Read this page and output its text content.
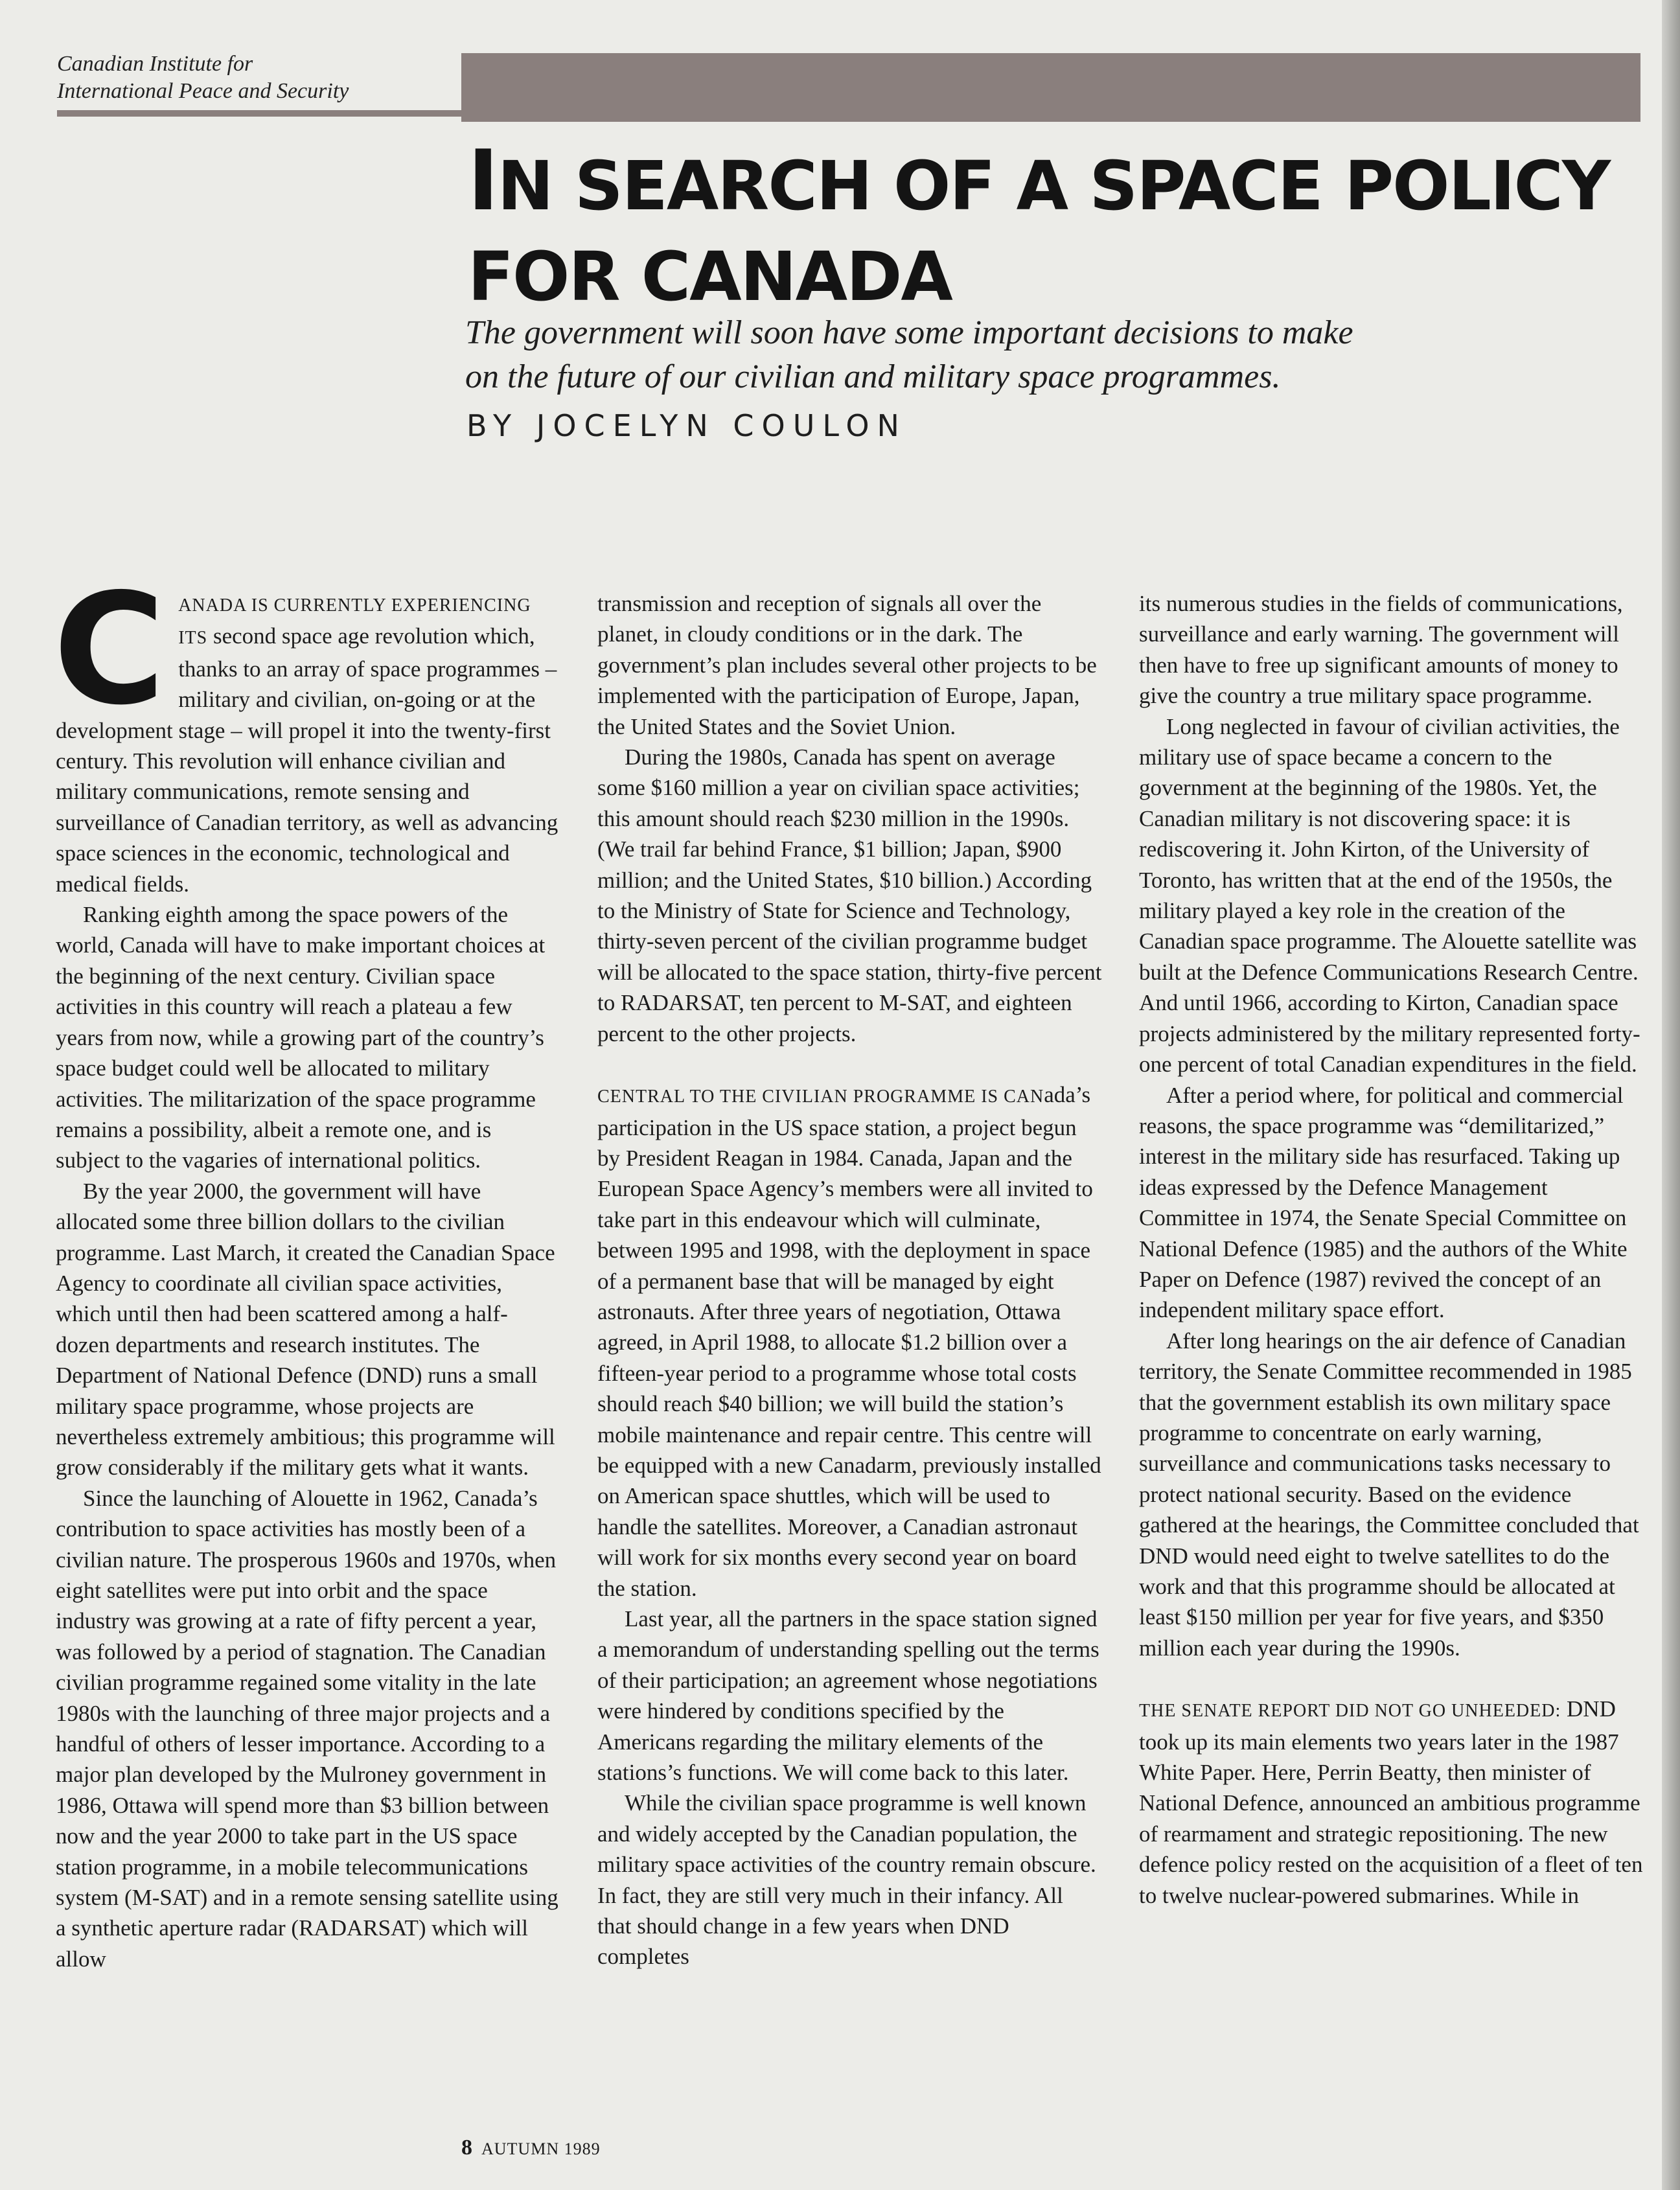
Canadian Institute for
International Peace and Security
IN SEARCH OF A SPACE POLICY
FOR CANADA
The government will soon have some important decisions to make
on the future of our civilian and military space programmes.
BY JOCELYN COULON

CANADA IS CURRENTLY EXPERIENCING ITS second space age revolution which, thanks to an array of space programmes – military and civilian, on-going or at the development stage – will propel it into the twenty-first century. This revolution will enhance civilian and military communications, remote sensing and surveillance of Canadian territory, as well as advancing space sciences in the economic, technological and medical fields.

Ranking eighth among the space powers of the world, Canada will have to make important choices at the beginning of the next century. Civilian space activities in this country will reach a plateau a few years from now, while a growing part of the country’s space budget could well be allocated to military activities. The militarization of the space programme remains a possibility, albeit a remote one, and is subject to the vagaries of international politics.

By the year 2000, the government will have allocated some three billion dollars to the civilian programme. Last March, it created the Canadian Space Agency to coordinate all civilian space activities, which until then had been scattered among a half-dozen departments and research institutes. The Department of National Defence (DND) runs a small military space programme, whose projects are nevertheless extremely ambitious; this programme will grow considerably if the military gets what it wants.

Since the launching of Alouette in 1962, Canada’s contribution to space activities has mostly been of a civilian nature. The prosperous 1960s and 1970s, when eight satellites were put into orbit and the space industry was growing at a rate of fifty percent a year, was followed by a period of stagnation. The Canadian civilian programme regained some vitality in the late 1980s with the launching of three major projects and a handful of others of lesser importance. According to a major plan developed by the Mulroney government in 1986, Ottawa will spend more than $3 billion between now and the year 2000 to take part in the US space station programme, in a mobile telecommunications system (M-SAT) and in a remote sensing satellite using a synthetic aperture radar (RADARSAT) which will allow

transmission and reception of signals all over the planet, in cloudy conditions or in the dark. The government’s plan includes several other projects to be implemented with the participation of Europe, Japan, the United States and the Soviet Union.

During the 1980s, Canada has spent on average some $160 million a year on civilian space activities; this amount should reach $230 million in the 1990s. (We trail far behind France, $1 billion; Japan, $900 million; and the United States, $10 billion.) According to the Ministry of State for Science and Technology, thirty-seven percent of the civilian programme budget will be allocated to the space station, thirty-five percent to RADARSAT, ten percent to M-SAT, and eighteen percent to the other projects.

CENTRAL TO THE CIVILIAN PROGRAMME IS CANada’s participation in the US space station, a project begun by President Reagan in 1984. Canada, Japan and the European Space Agency’s members were all invited to take part in this endeavour which will culminate, between 1995 and 1998, with the deployment in space of a permanent base that will be managed by eight astronauts. After three years of negotiation, Ottawa agreed, in April 1988, to allocate $1.2 billion over a fifteen-year period to a programme whose total costs should reach $40 billion; we will build the station’s mobile maintenance and repair centre. This centre will be equipped with a new Canadarm, previously installed on American space shuttles, which will be used to handle the satellites. Moreover, a Canadian astronaut will work for six months every second year on board the station.

Last year, all the partners in the space station signed a memorandum of understanding spelling out the terms of their participation; an agreement whose negotiations were hindered by conditions specified by the Americans regarding the military elements of the stations’s functions. We will come back to this later.

While the civilian space programme is well known and widely accepted by the Canadian population, the military space activities of the country remain obscure. In fact, they are still very much in their infancy. All that should change in a few years when DND completes

its numerous studies in the fields of communications, surveillance and early warning. The government will then have to free up significant amounts of money to give the country a true military space programme.

Long neglected in favour of civilian activities, the military use of space became a concern to the government at the beginning of the 1980s. Yet, the Canadian military is not discovering space: it is rediscovering it. John Kirton, of the University of Toronto, has written that at the end of the 1950s, the military played a key role in the creation of the Canadian space programme. The Alouette satellite was built at the Defence Communications Research Centre. And until 1966, according to Kirton, Canadian space projects administered by the military represented forty-one percent of total Canadian expenditures in the field.

After a period where, for political and commercial reasons, the space programme was “demilitarized,” interest in the military side has resurfaced. Taking up ideas expressed by the Defence Management Committee in 1974, the Senate Special Committee on National Defence (1985) and the authors of the White Paper on Defence (1987) revived the concept of an independent military space effort.

After long hearings on the air defence of Canadian territory, the Senate Committee recommended in 1985 that the government establish its own military space programme to concentrate on early warning, surveillance and communications tasks necessary to protect national security. Based on the evidence gathered at the hearings, the Committee concluded that DND would need eight to twelve satellites to do the work and that this programme should be allocated at least $150 million per year for five years, and $350 million each year during the 1990s.

THE SENATE REPORT DID NOT GO UNHEEDED: DND took up its main elements two years later in the 1987 White Paper. Here, Perrin Beatty, then minister of National Defence, announced an ambitious programme of rearmament and strategic repositioning. The new defence policy rested on the acquisition of a fleet of ten to twelve nuclear-powered submarines. While in

8 AUTUMN 1989
